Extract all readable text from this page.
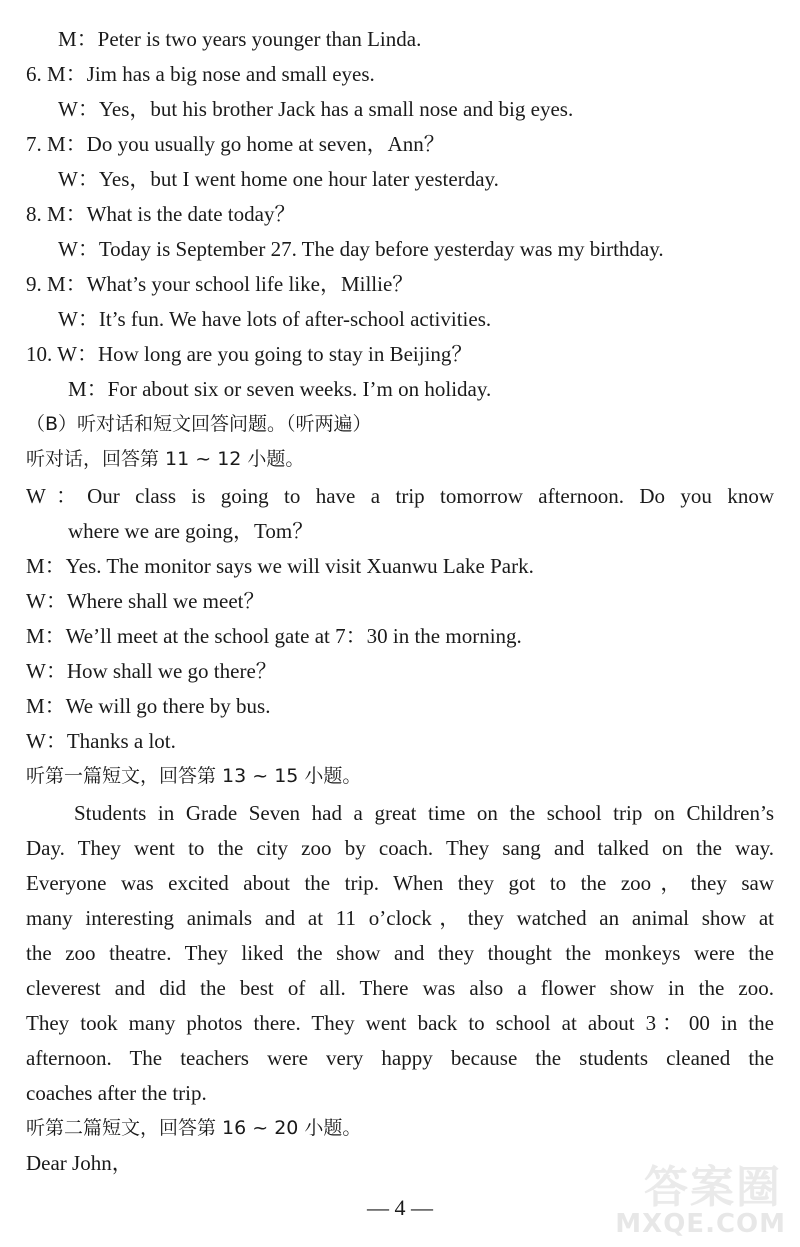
M：Peter is two years younger than Linda.
6. M：Jim has a big nose and small eyes.
W：Yes，but his brother Jack has a small nose and big eyes.
7. M：Do you usually go home at seven，Ann？
W：Yes，but I went home one hour later yesterday.
8. M：What is the date today？
W：Today is September 27. The day before yesterday was my birthday.
9. M：What’s your school life like，Millie？
W：It’s fun. We have lots of after-school activities.
10. W：How long are you going to stay in Beijing？
M：For about six or seven weeks. I’m on holiday.
（B）听对话和短文回答问题。（听两遍）
听对话，回答第 11 ~ 12 小题。
W：Our class is going to have a trip tomorrow afternoon. Do you know
where we are going，Tom？
M：Yes. The monitor says we will visit Xuanwu Lake Park.
W：Where shall we meet？
M：We’ll meet at the school gate at 7：30 in the morning.
W：How shall we go there？
M：We will go there by bus.
W：Thanks a lot.
听第一篇短文，回答第 13 ~ 15 小题。
Students in Grade Seven had a great time on the school trip on Children’s
Day. They went to the city zoo by coach. They sang and talked on the way.
Everyone was excited about the trip. When they got to the zoo，they saw
many interesting animals and at 11 o’clock，they watched an animal show at
the zoo theatre. They liked the show and they thought the monkeys were the
cleverest and did the best of all. There was also a flower show in the zoo.
They took many photos there. They went back to school at about 3：00 in the
afternoon. The teachers were very happy because the students cleaned the
coaches after the trip.
听第二篇短文，回答第 16 ~ 20 小题。
Dear John，
— 4 —	答案圈
MXQE.COM
